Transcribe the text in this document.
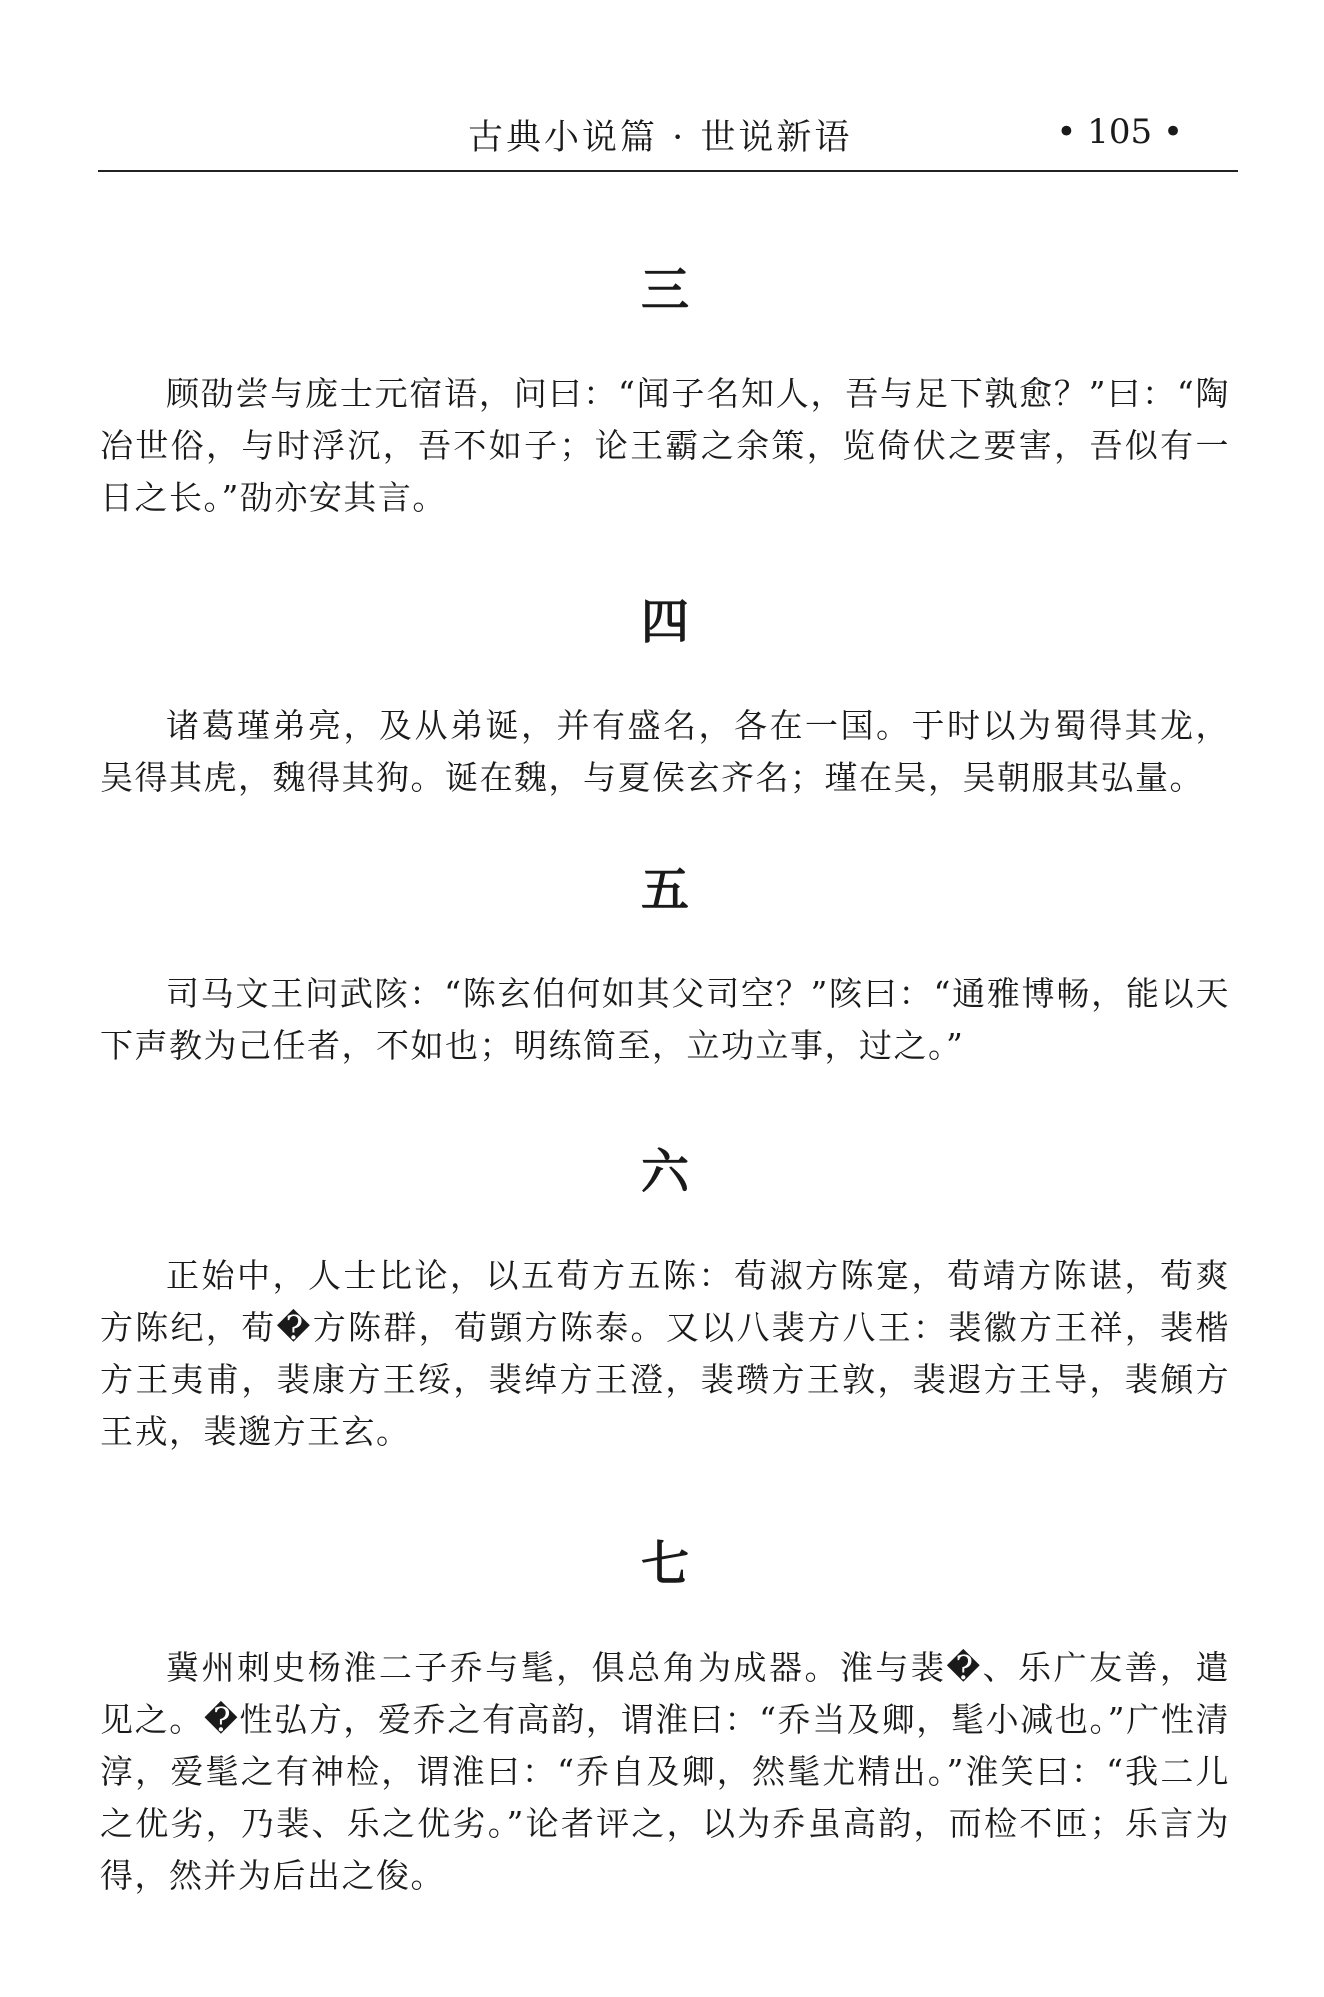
古典小说篇 · 世说新语	• 105 •
三

顾劭尝与庞士元宿语，问曰：“闻子名知人，吾与足下孰愈？”曰：“陶冶世俗，与时浮沉，吾不如子；论王霸之余策，览倚伏之要害，吾似有一日之长。”劭亦安其言。

四

诸葛瑾弟亮，及从弟诞，并有盛名，各在一国。于时以为蜀得其龙，吴得其虎，魏得其狗。诞在魏，与夏侯玄齐名；瑾在吴，吴朝服其弘量。

五

司马文王问武陔：“陈玄伯何如其父司空？”陔曰：“通雅博畅，能以天下声教为己任者，不如也；明练简至，立功立事，过之。”

六

正始中，人士比论，以五荀方五陈：荀淑方陈寔，荀靖方陈谌，荀爽方陈纪，荀�方陈群，荀顗方陈泰。又以八裴方八王：裴徽方王祥，裴楷方王夷甫，裴康方王绥，裴绰方王澄，裴瓒方王敦，裴遐方王导，裴頠方王戎，裴邈方王玄。

七

冀州刺史杨淮二子乔与髦，俱总角为成器。淮与裴�、乐广友善，遣见之。�性弘方，爱乔之有高韵，谓淮曰：“乔当及卿，髦小减也。”广性清淳，爱髦之有神检，谓淮曰：“乔自及卿，然髦尤精出。”淮笑曰：“我二儿之优劣，乃裴、乐之优劣。”论者评之，以为乔虽高韵，而检不匝；乐言为得，然并为后出之俊。
